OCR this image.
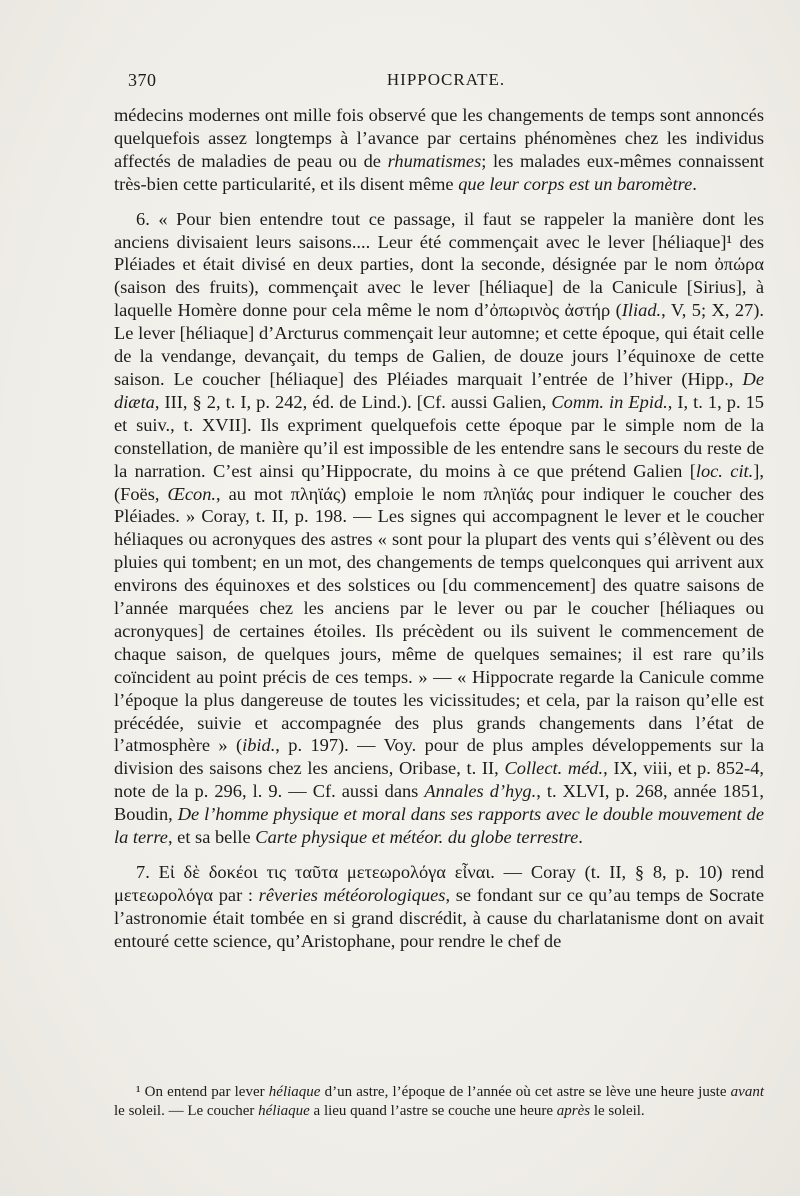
370	HIPPOCRATE.

médecins modernes ont mille fois observé que les changements de temps sont annoncés quelquefois assez longtemps à l’avance par certains phénomènes chez les individus affectés de maladies de peau ou de rhumatismes; les malades eux-mêmes connaissent très-bien cette particularité, et ils disent même que leur corps est un baromètre.

6. « Pour bien entendre tout ce passage, il faut se rappeler la manière dont les anciens divisaient leurs saisons.... Leur été commençait avec le lever [héliaque]¹ des Pléiades et était divisé en deux parties, dont la seconde, désignée par le nom ὀπώρα (saison des fruits), commençait avec le lever [héliaque] de la Canicule [Sirius], à laquelle Homère donne pour cela même le nom d’ὀπωρινὸς ἀστήρ (Iliad., V, 5; X, 27). Le lever [héliaque] d’Arcturus commençait leur automne; et cette époque, qui était celle de la vendange, devançait, du temps de Galien, de douze jours l’équinoxe de cette saison. Le coucher [héliaque] des Pléiades marquait l’entrée de l’hiver (Hipp., De diæta, III, § 2, t. I, p. 242, éd. de Lind.). [Cf. aussi Galien, Comm. in Epid., I, t. 1, p. 15 et suiv., t. XVII]. Ils expriment quelquefois cette époque par le simple nom de la constellation, de manière qu’il est impossible de les entendre sans le secours du reste de la narration. C’est ainsi qu’Hippocrate, du moins à ce que prétend Galien [loc. cit.], (Foës, Œcon., au mot πληϊάς) emploie le nom πληϊάς pour indiquer le coucher des Pléiades. » Coray, t. II, p. 198. — Les signes qui accompagnent le lever et le coucher héliaques ou acronyques des astres « sont pour la plupart des vents qui s’élèvent ou des pluies qui tombent; en un mot, des changements de temps quelconques qui arrivent aux environs des équinoxes et des solstices ou [du commencement] des quatre saisons de l’année marquées chez les anciens par le lever ou par le coucher [héliaques ou acronyques] de certaines étoiles. Ils précèdent ou ils suivent le commencement de chaque saison, de quelques jours, même de quelques semaines; il est rare qu’ils coïncident au point précis de ces temps. » — « Hippocrate regarde la Canicule comme l’époque la plus dangereuse de toutes les vicissitudes; et cela, par la raison qu’elle est précédée, suivie et accompagnée des plus grands changements dans l’état de l’atmosphère » (ibid., p. 197). — Voy. pour de plus amples développements sur la division des saisons chez les anciens, Oribase, t. II, Collect. méd., IX, viii, et p. 852-4, note de la p. 296, l. 9. — Cf. aussi dans Annales d’hyg., t. XLVI, p. 268, année 1851, Boudin, De l’homme physique et moral dans ses rapports avec le double mouvement de la terre, et sa belle Carte physique et météor. du globe terrestre.

7. Εἰ δὲ δοκέοι τις ταῦτα μετεωρολόγα εἶναι. — Coray (t. II, § 8, p. 10) rend μετεωρολόγα par : rêveries météorologiques, se fondant sur ce qu’au temps de Socrate l’astronomie était tombée en si grand discrédit, à cause du charlatanisme dont on avait entouré cette science, qu’Aristophane, pour rendre le chef de

¹ On entend par lever héliaque d’un astre, l’époque de l’année où cet astre se lève une heure juste avant le soleil. — Le coucher héliaque a lieu quand l’astre se couche une heure après le soleil.
